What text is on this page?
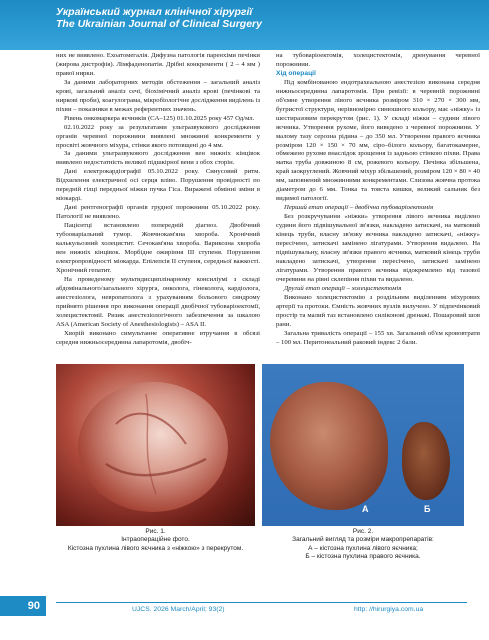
Український журнал клінічної хірургії
The Ukrainian Journal of Clinical Surgery

них не виявлено. Ехоатомегалія. Дифузна патологія паренхіми печінки (жирова дистрофія). Лімфаденопатія. Дрібні конкременти ( 2 – 4 мм ) правої нирки.

За даними лабораторних методів обстеження – загальний аналіз крові, загальний аналіз сечі, біохімічний аналіз крові (печінкові та ниркові проби), коагулограма, мікробіологічне дослідження виділень із піхви – показники в межах референтних значень.

Рівень онкомаркера яєчників (CA–125) 01.10.2025 року 457 Од/мл.

02.10.2022 року за результатами ультразвукового дослідження органів черевної порожнини виявлені множинні конкременти у просвіті жовчного міхура, стінки якого потовщені до 4 мм.

За даними ультразвукового дослідження вен нижніх кінцівок виявлено недостатність великої підшкірної вени з обох сторін.

Дані електрокардіографії 05.10.2022 року. Синусовий ритм. Відхилення електричної осі серця вліво. Порушення провідності по передній гілці передньої ніжки пучка Гіса. Виражені обмінні зміни в міокарді.

Дані рентгенографії органів грудної порожнини 05.10.2022 року. Патології не виявлено.

Пацієнтці встановлено попередній діагноз. Двобічний тубооваріальний тумор. Жовчнокам'яна хвороба. Хронічний калькульозний холецистит. Сечокам'яна хвороба. Варикозна хвороба вен нижніх кінцівок. Морбідне ожиріння III ступеня. Порушення електропровідності міокарда. Епілепсія II ступеня, середньої важкості. Хронічний гепатит.

На проведеному мультидисциплінарному консиліумі з складі абдомінального/загального хірурга, онколога, гінеколога, кардіолога, анестезіолога, невропатолога з урахуванням больового синдрому прийнято рішення про виконання операції двобічної тубоваріоектомії, холецистектомії. Ризик анестезіологічного забезпечення за шкалою ASA (American Society of Anesthesiologists) – ASA II.

Хворій виконано симультанне оперативне втручання в обсязі середня нижньосерединна лапаротомія, двобіч-

на тубоваріоектомія, холецистектомія, дренування черевної порожнини.

Хід операції

Під комбінованою ендотрахеальною анестезією виконана середня нижньосерединна лапаротомія. При ревізії: в черевній порожнині об'ємне утворення лівого яєчника розміром 310 × 270 × 300 мм, бугристої структури, нерівномірно синюшного кольору, має «ніжку» із шестиразовим перекрутом (рис. 1). У складі ніжки – судини лівого яєчника. Утворення рухоме, його виведено з черевної порожнини. У малому тазу серозна рідина – до 350 мл. Утворення правого яєчника розміром 120 × 150 × 70 мм, сіро–білого кольору, багатокамерне, обмежено рухоме внаслідок зрощення із задньою стінкою піхви. Права матка труба довжиною 8 см, рожевого кольору. Печінка збільшена, край заокруглений. Жовчний міхур збільшений, розміром 120 × 80 × 40 мм, заповнений множинними конкрементами. Слизова жовчна протока діаметром до 6 мм. Тонка та товста кишки, великий сальник без видимої патології.

Перший етап операції – двобічна тубоваріоектомія

Без розкручування «ніжки» утворення лівого яєчника виділено судини його підвішувальної зв'язки, накладено затискачі, на матковий кінець труби, власну зв'язку яєчника накладено затискачі, «ніжку» пересічено, затискачі замінено лігатурами. Утворення видалено. На підвішувальну, власну зв'язки правого яєчника, матковий кінець труби накладено затискачі, утворення пересічено, затискачі замінено лігатурами. Утворення правого яєчника відокремлено від тазової очеревини на рівні склепіння піхви та видалено.

Другий етап операції – холецистектомія

Виконано холецистектомію з роздільним виділенням міхурових артерії та протоки. Ємність жовчних вузлів вилучено. У підпечінковий простір та малий таз встановлено силіконові дренажі. Пошаровий шов рани.

Загальна тривалість операції – 155 хв. Загальний об'єм крововтрати – 100 мл. Перитонеальний раковий індекс 2 бали.

А	Б
Рис. 1.
Інтраопераційне фото.
Кістозна пухлина лівого яєчника з «ніжкою» з перекрутом.
Рис. 2.
Загальний вигляд та розміри макропрепаратів:
А – кістозна пухлина лівого яєчника;
Б – кістозна пухлина правого яєчника.
90	UJCS. 2026 March/April; 93(2)	http: //hirurgiya.com.ua
